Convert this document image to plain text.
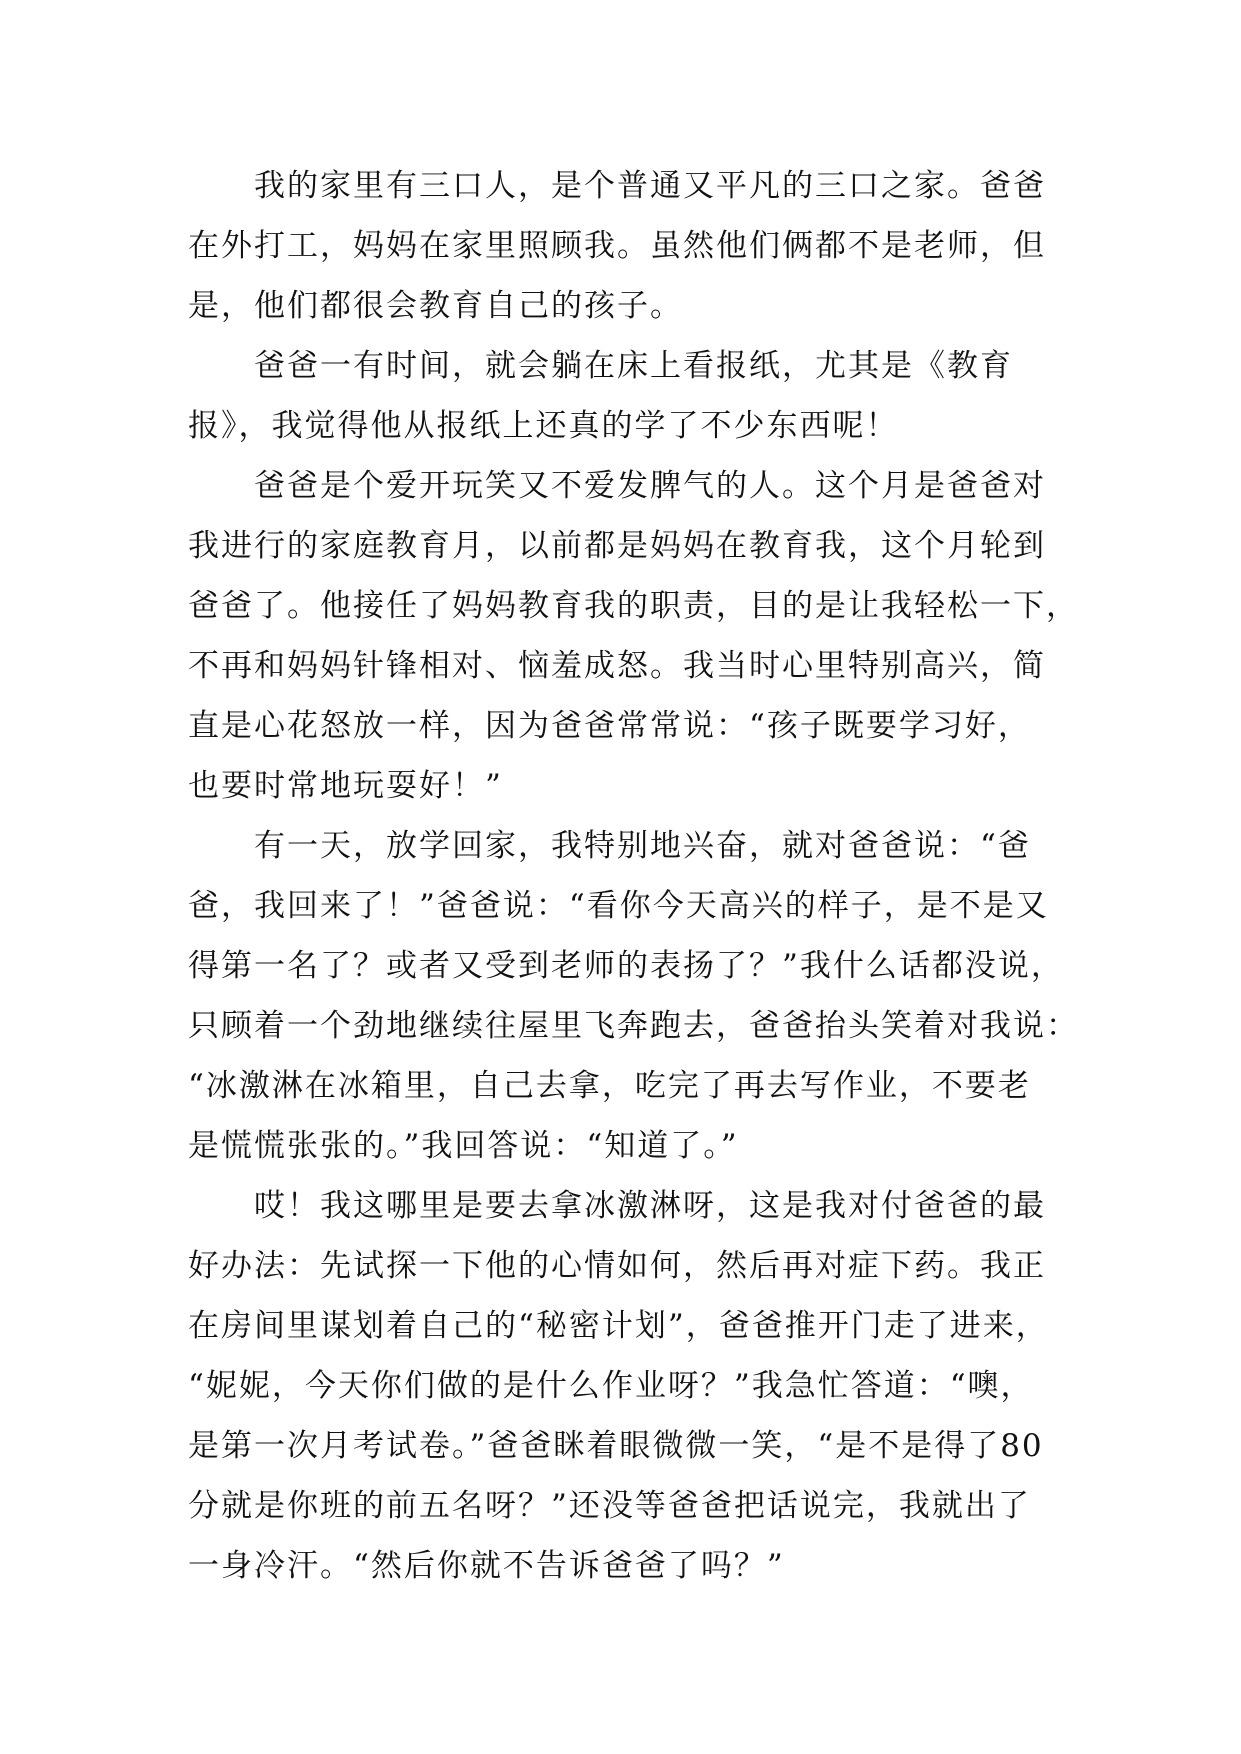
我的家里有三口人，是个普通又平凡的三口之家。爸爸
在外打工，妈妈在家里照顾我。虽然他们俩都不是老师，但
是，他们都很会教育自己的孩子。

爸爸一有时间，就会躺在床上看报纸，尤其是《教育
报》，我觉得他从报纸上还真的学了不少东西呢！

爸爸是个爱开玩笑又不爱发脾气的人。这个月是爸爸对
我进行的家庭教育月，以前都是妈妈在教育我，这个月轮到
爸爸了。他接任了妈妈教育我的职责，目的是让我轻松一下，
不再和妈妈针锋相对、恼羞成怒。我当时心里特别高兴，简
直是心花怒放一样，因为爸爸常常说：“孩子既要学习好，
也要时常地玩耍好！”

有一天，放学回家，我特别地兴奋，就对爸爸说：“爸
爸，我回来了！”爸爸说：“看你今天高兴的样子，是不是又
得第一名了？或者又受到老师的表扬了？”我什么话都没说，
只顾着一个劲地继续往屋里飞奔跑去，爸爸抬头笑着对我说：
“冰激淋在冰箱里，自己去拿，吃完了再去写作业，不要老
是慌慌张张的。”我回答说：“知道了。”

哎！我这哪里是要去拿冰激淋呀，这是我对付爸爸的最
好办法：先试探一下他的心情如何，然后再对症下药。我正
在房间里谋划着自己的“秘密计划”，爸爸推开门走了进来，
“妮妮，今天你们做的是什么作业呀？”我急忙答道：“噢，
是第一次月考试卷。”爸爸眯着眼微微一笑，“是不是得了80
分就是你班的前五名呀？”还没等爸爸把话说完，我就出了
一身冷汗。“然后你就不告诉爸爸了吗？”
